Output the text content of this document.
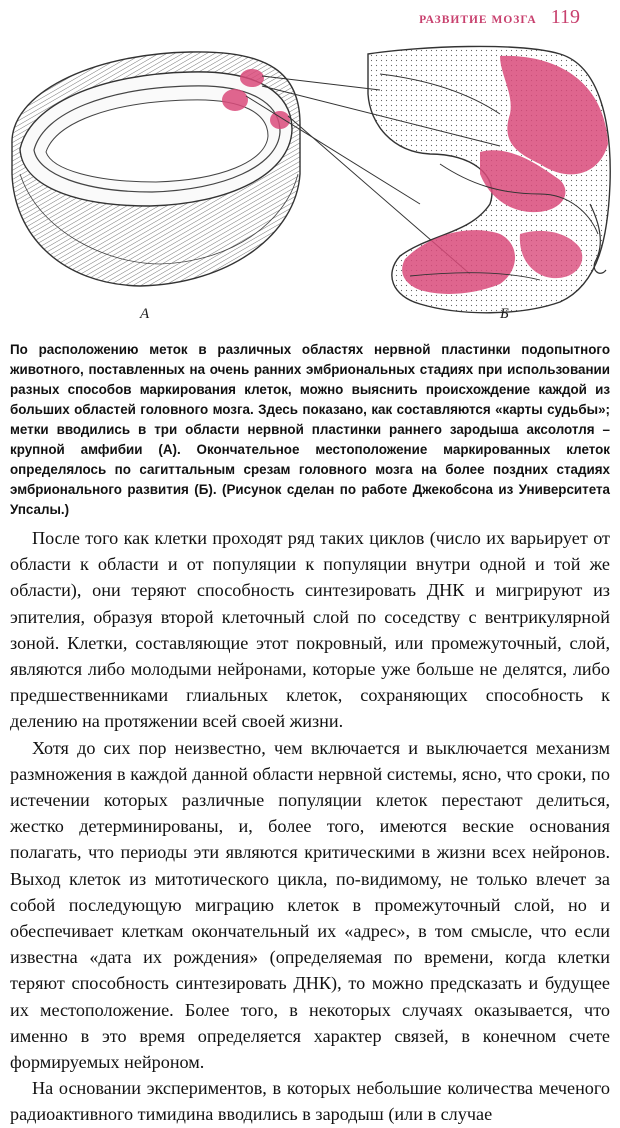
РАЗВИТИЕ МОЗГА 119
А	Б
По расположению меток в различных областях нервной пластинки подопытного животного, поставленных на очень ранних эмбриональных стадиях при использовании разных способов маркирования клеток, можно выяснить происхождение каждой из больших областей головного мозга. Здесь показано, как составляются «карты судьбы»; метки вводились в три области нервной пластинки раннего зародыша аксолотля – крупной амфибии (А). Окончательное местоположение маркированных клеток определялось по сагиттальным срезам головного мозга на более поздних стадиях эмбрионального развития (Б). (Рисунок сделан по работе Джекобсона из Университета Упсалы.)

После того как клетки проходят ряд таких циклов (число их варьирует от области к области и от популяции к популяции внутри одной и той же области), они теряют способность синтезировать ДНК и мигрируют из эпителия, образуя второй клеточный слой по соседству с вентрикулярной зоной. Клетки, составляющие этот покровный, или промежуточный, слой, являются либо молодыми нейронами, которые уже больше не делятся, либо предшественниками глиальных клеток, сохраняющих способность к делению на протяжении всей своей жизни.

Хотя до сих пор неизвестно, чем включается и выключается механизм размножения в каждой данной области нервной системы, ясно, что сроки, по истечении которых различные популяции клеток перестают делиться, жестко детерминированы, и, более того, имеются веские основания полагать, что периоды эти являются критическими в жизни всех нейронов. Выход клеток из митотического цикла, по-видимому, не только влечет за собой последующую миграцию клеток в промежуточный слой, но и обеспечивает клеткам окончательный их «адрес», в том смысле, что если известна «дата их рождения» (определяемая по времени, когда клетки теряют способность синтезировать ДНК), то можно предсказать и будущее их местоположение. Более того, в некоторых случаях оказывается, что именно в это время определяется характер связей, в конечном счете формируемых нейроном.

На основании экспериментов, в которых небольшие количества меченого радиоактивного тимидина вводились в зародыш (или в случае
